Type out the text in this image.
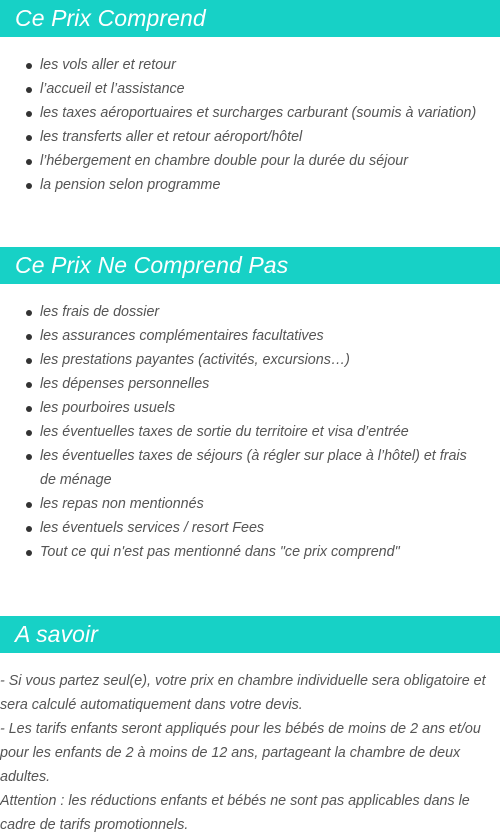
Ce Prix Comprend
les vols aller et retour
l’accueil et l’assistance
les taxes aéroportuaires et surcharges carburant (soumis à variation)
les transferts aller et retour aéroport/hôtel
l’hébergement en chambre double pour la durée du séjour
la pension selon programme
Ce Prix Ne Comprend Pas
les frais de dossier
les assurances complémentaires facultatives
les prestations payantes (activités, excursions…)
les dépenses personnelles
les pourboires usuels
les éventuelles taxes de sortie du territoire et visa d’entrée
les éventuelles taxes de séjours (à régler sur place à l’hôtel) et frais de ménage
les repas non mentionnés
les éventuels services / resort Fees
Tout ce qui n'est pas mentionné dans "ce prix comprend"
A savoir

- Si vous partez seul(e), votre prix en chambre individuelle sera obligatoire et sera calculé automatiquement dans votre devis.

- Les tarifs enfants seront appliqués pour les bébés de moins de 2 ans et/ou pour les enfants de 2 à moins de 12 ans, partageant la chambre de deux adultes.

Attention : les réductions enfants et bébés ne sont pas applicables dans le cadre de tarifs promotionnels.
